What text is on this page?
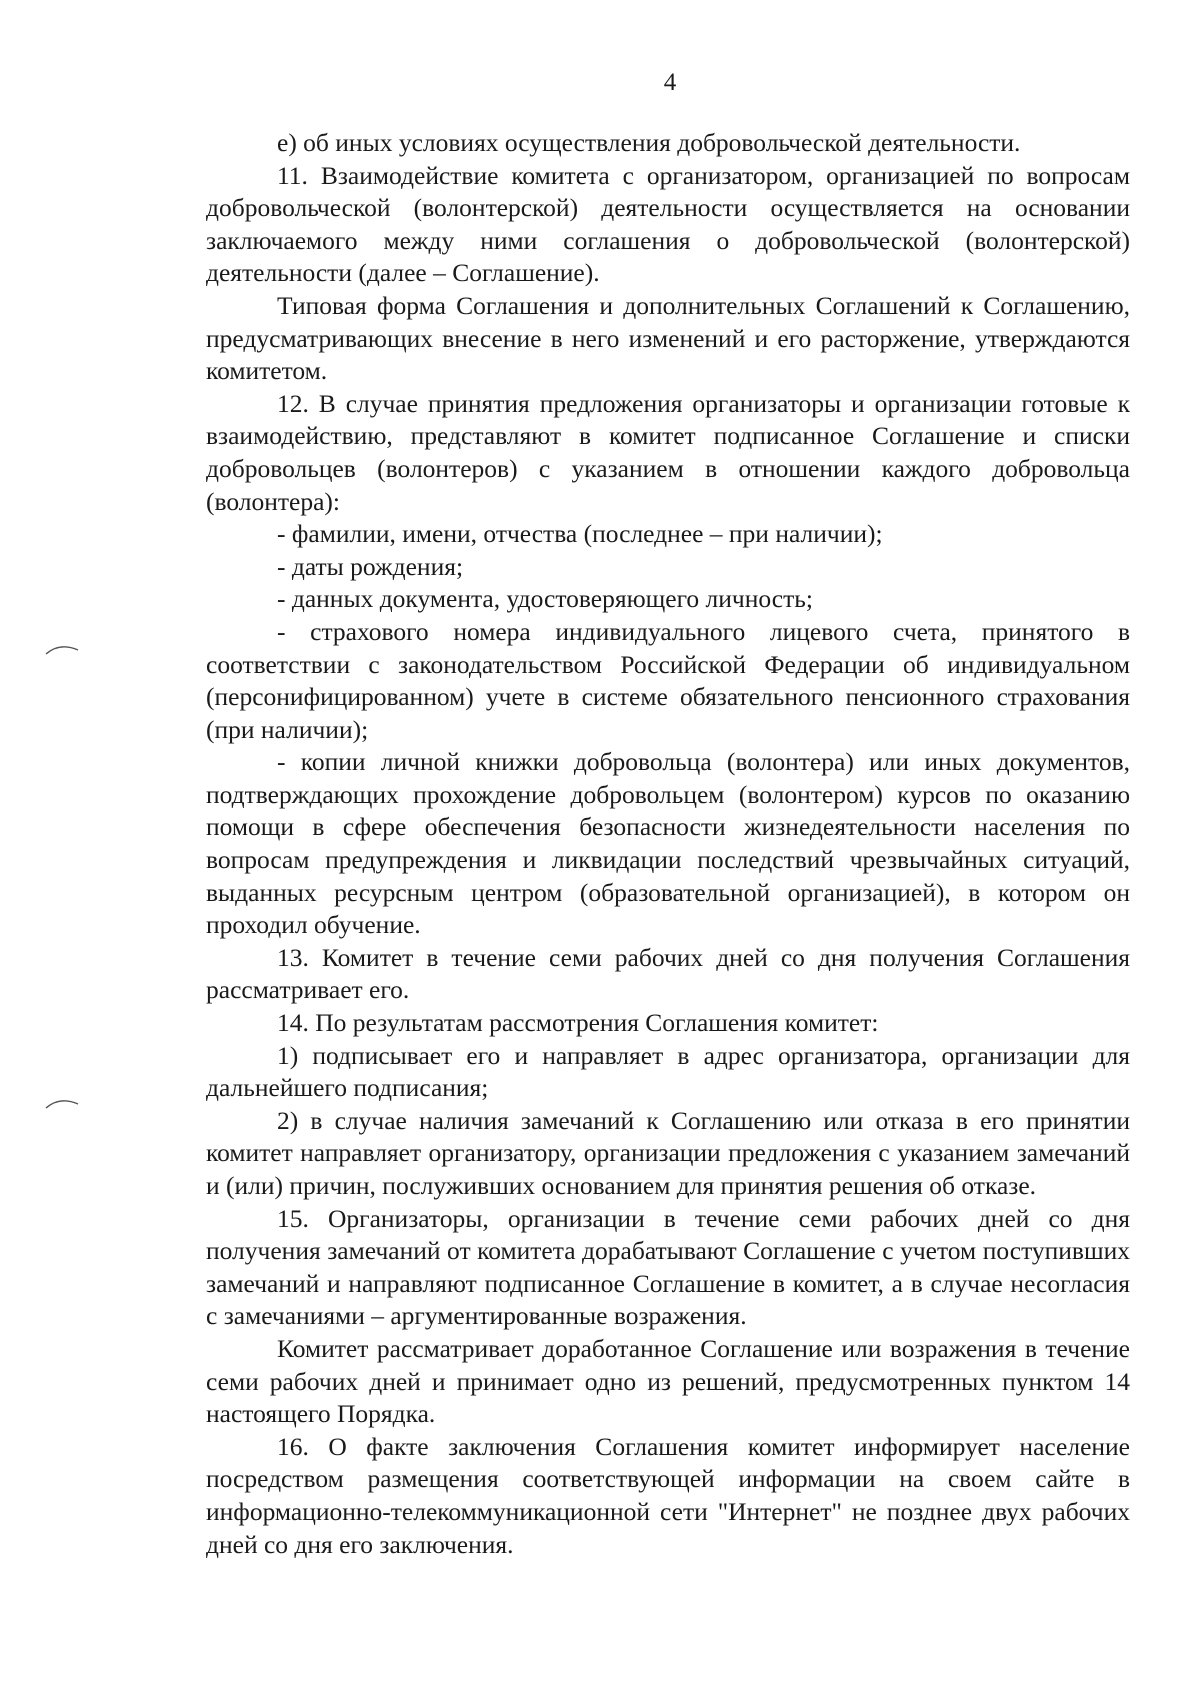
4

е) об иных условиях осуществления добровольческой деятельности.

11. Взаимодействие комитета с организатором, организацией по вопросам добровольческой (волонтерской) деятельности осуществляется на основании заключаемого между ними соглашения о добровольческой (волонтерской) деятельности (далее – Соглашение).

Типовая форма Соглашения и дополнительных Соглашений к Соглашению, предусматривающих внесение в него изменений и его расторжение, утверждаются комитетом.

12. В случае принятия предложения организаторы и организации готовые к взаимодействию, представляют в комитет подписанное Соглашение и списки добровольцев (волонтеров) с указанием в отношении каждого добровольца (волонтера):

- фамилии, имени, отчества (последнее – при наличии);

- даты рождения;

- данных документа, удостоверяющего личность;

- страхового номера индивидуального лицевого счета, принятого в соответствии с законодательством Российской Федерации об индивидуальном (персонифицированном) учете в системе обязательного пенсионного страхования (при наличии);

- копии личной книжки добровольца (волонтера) или иных документов, подтверждающих прохождение добровольцем (волонтером) курсов по оказанию помощи в сфере обеспечения безопасности жизнедеятельности населения по вопросам предупреждения и ликвидации последствий чрезвычайных ситуаций, выданных ресурсным центром (образовательной организацией), в котором он проходил обучение.

13. Комитет в течение семи рабочих дней со дня получения Соглашения рассматривает его.

14. По результатам рассмотрения Соглашения комитет:

1) подписывает его и направляет в адрес организатора, организации для дальнейшего подписания;

2) в случае наличия замечаний к Соглашению или отказа в его принятии комитет направляет организатору, организации предложения с указанием замечаний и (или) причин, послуживших основанием для принятия решения об отказе.

15. Организаторы, организации в течение семи рабочих дней со дня получения замечаний от комитета дорабатывают Соглашение с учетом поступивших замечаний и направляют подписанное Соглашение в комитет, а в случае несогласия с замечаниями – аргументированные возражения.

Комитет рассматривает доработанное Соглашение или возражения в течение семи рабочих дней и принимает одно из решений, предусмотренных пунктом 14 настоящего Порядка.

16. О факте заключения Соглашения комитет информирует население посредством размещения соответствующей информации на своем сайте в информационно-телекоммуникационной сети "Интернет" не позднее двух рабочих дней со дня его заключения.
